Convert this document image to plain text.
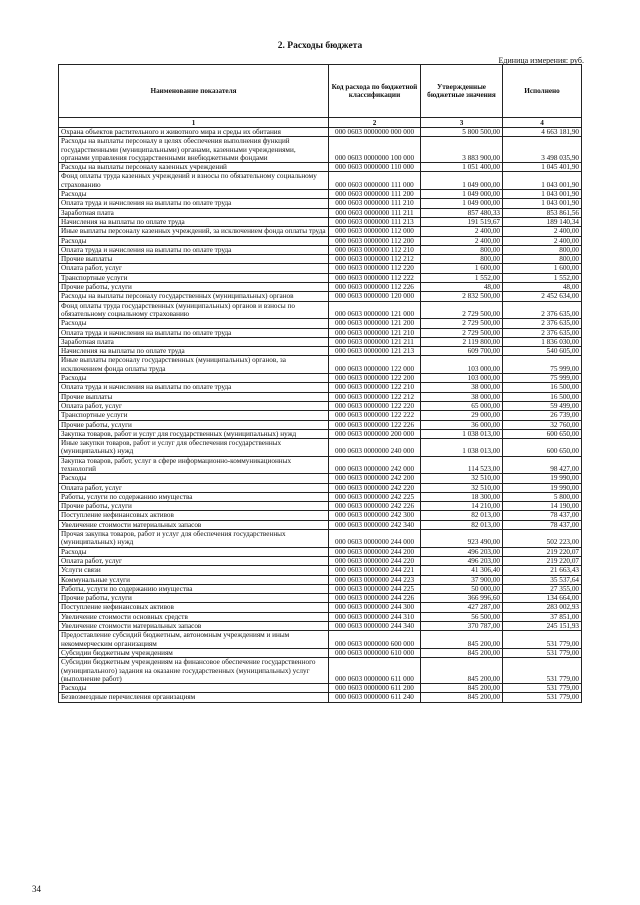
2. Расходы бюджета
Единица измерения: руб.
Наименование показателя	Код расхода по бюджетной классификации	Утвержденные бюджетные значения	Исполнено
1	2	3	4
Охрана объектов растительного и животного мира и среды их обитания	000 0603 0000000 000 000	5 800 500,00	4 663 181,90
Расходы на выплаты персоналу в целях обеспечения выполнения функций государственными (муниципальными) органами, казенными учреждениями, органами управления государственными внебюджетными фондами	000 0603 0000000 100 000	3 883 900,00	3 498 035,90
Расходы на выплаты персоналу казенных учреждений	000 0603 0000000 110 000	1 051 400,00	1 045 401,90
Фонд оплаты труда казенных учреждений и взносы по обязательному социальному страхованию	000 0603 0000000 111 000	1 049 000,00	1 043 001,90
Расходы	000 0603 0000000 111 200	1 049 000,00	1 043 001,90
Оплата труда и начисления на выплаты по оплате труда	000 0603 0000000 111 210	1 049 000,00	1 043 001,90
Заработная плата	000 0603 0000000 111 211	857 480,33	853 861,56
Начисления на выплаты по оплате труда	000 0603 0000000 111 213	191 519,67	189 140,34
Иные выплаты персоналу казенных учреждений, за исключением фонда оплаты труда	000 0603 0000000 112 000	2 400,00	2 400,00
Расходы	000 0603 0000000 112 200	2 400,00	2 400,00
Оплата труда и начисления на выплаты по оплате труда	000 0603 0000000 112 210	800,00	800,00
Прочие выплаты	000 0603 0000000 112 212	800,00	800,00
Оплата работ, услуг	000 0603 0000000 112 220	1 600,00	1 600,00
Транспортные услуги	000 0603 0000000 112 222	1 552,00	1 552,00
Прочие работы, услуги	000 0603 0000000 112 226	48,00	48,00
Расходы на выплаты персоналу государственных (муниципальных) органов	000 0603 0000000 120 000	2 832 500,00	2 452 634,00
Фонд оплаты труда государственных (муниципальных) органов и взносы по обязательному социальному страхованию	000 0603 0000000 121 000	2 729 500,00	2 376 635,00
Расходы	000 0603 0000000 121 200	2 729 500,00	2 376 635,00
Оплата труда и начисления на выплаты по оплате труда	000 0603 0000000 121 210	2 729 500,00	2 376 635,00
Заработная плата	000 0603 0000000 121 211	2 119 800,00	1 836 030,00
Начисления на выплаты по оплате труда	000 0603 0000000 121 213	609 700,00	540 605,00
Иные выплаты персоналу государственных (муниципальных) органов, за исключением фонда оплаты труда	000 0603 0000000 122 000	103 000,00	75 999,00
Расходы	000 0603 0000000 122 200	103 000,00	75 999,00
Оплата труда и начисления на выплаты по оплате труда	000 0603 0000000 122 210	38 000,00	16 500,00
Прочие выплаты	000 0603 0000000 122 212	38 000,00	16 500,00
Оплата работ, услуг	000 0603 0000000 122 220	65 000,00	59 499,00
Транспортные услуги	000 0603 0000000 122 222	29 000,00	26 739,00
Прочие работы, услуги	000 0603 0000000 122 226	36 000,00	32 760,00
Закупка товаров, работ и услуг для государственных (муниципальных) нужд	000 0603 0000000 200 000	1 038 013,00	600 650,00
Иные закупки товаров, работ и услуг для обеспечения государственных (муниципальных) нужд	000 0603 0000000 240 000	1 038 013,00	600 650,00
Закупка товаров, работ, услуг в сфере информационно-коммуникационных технологий	000 0603 0000000 242 000	114 523,00	98 427,00
Расходы	000 0603 0000000 242 200	32 510,00	19 990,00
Оплата работ, услуг	000 0603 0000000 242 220	32 510,00	19 990,00
Работы, услуги по содержанию имущества	000 0603 0000000 242 225	18 300,00	5 800,00
Прочие работы, услуги	000 0603 0000000 242 226	14 210,00	14 190,00
Поступление нефинансовых активов	000 0603 0000000 242 300	82 013,00	78 437,00
Увеличение стоимости материальных запасов	000 0603 0000000 242 340	82 013,00	78 437,00
Прочая закупка товаров, работ и услуг для обеспечения государственных (муниципальных) нужд	000 0603 0000000 244 000	923 490,00	502 223,00
Расходы	000 0603 0000000 244 200	496 203,00	219 220,07
Оплата работ, услуг	000 0603 0000000 244 220	496 203,00	219 220,07
Услуги связи	000 0603 0000000 244 221	41 306,40	21 663,43
Коммунальные услуги	000 0603 0000000 244 223	37 900,00	35 537,64
Работы, услуги по содержанию имущества	000 0603 0000000 244 225	50 000,00	27 355,00
Прочие работы, услуги	000 0603 0000000 244 226	366 996,60	134 664,00
Поступление нефинансовых активов	000 0603 0000000 244 300	427 287,00	283 002,93
Увеличение стоимости основных средств	000 0603 0000000 244 310	56 500,00	37 851,00
Увеличение стоимости материальных запасов	000 0603 0000000 244 340	370 787,00	245 151,93
Предоставление субсидий бюджетным, автономным учреждениям и иным некоммерческим организациям	000 0603 0000000 600 000	845 200,00	531 779,00
Субсидии бюджетным учреждениям	000 0603 0000000 610 000	845 200,00	531 779,00
Субсидии бюджетным учреждениям на финансовое обеспечение государственного (муниципального) задания на оказание государственных (муниципальных) услуг (выполнение работ)	000 0603 0000000 611 000	845 200,00	531 779,00
Расходы	000 0603 0000000 611 200	845 200,00	531 779,00
Безвозмездные перечисления организациям	000 0603 0000000 611 240	845 200,00	531 779,00
34
